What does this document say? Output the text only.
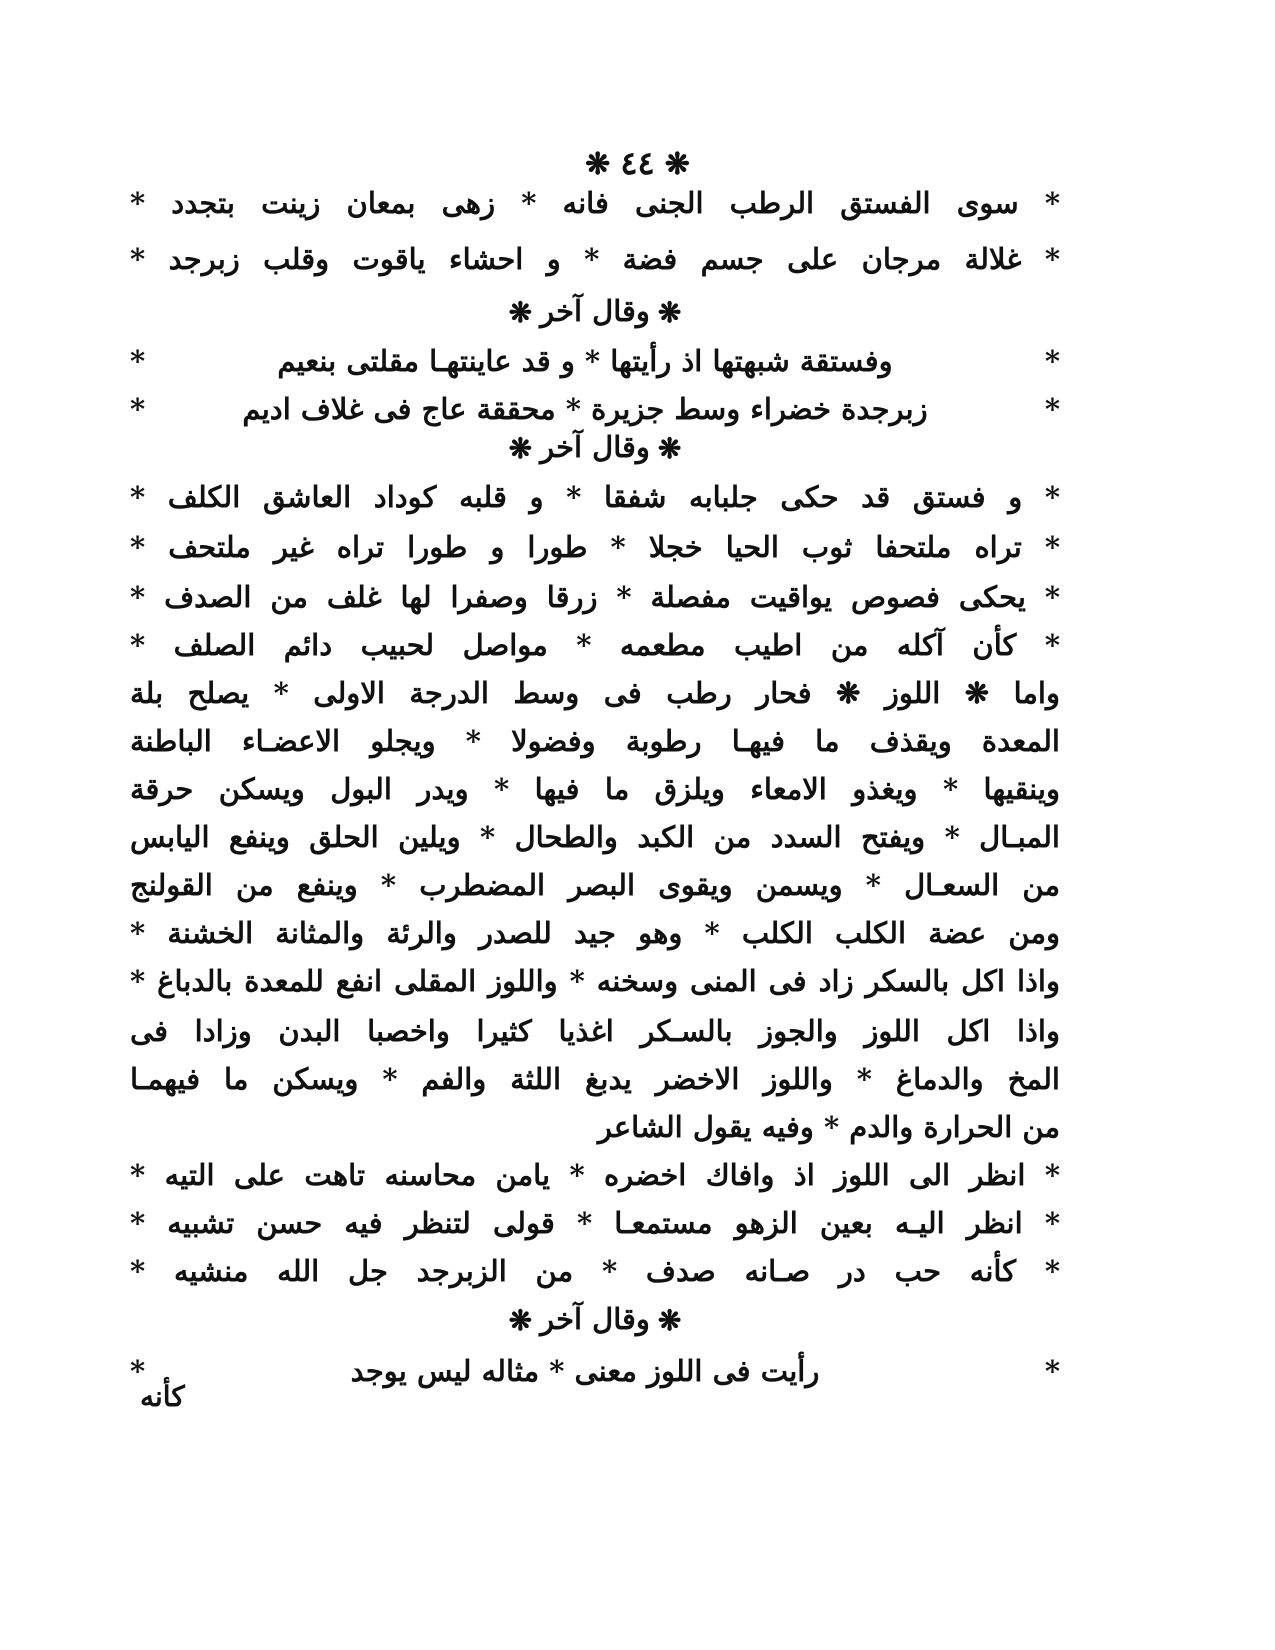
❋٤٤❋
* سوى الفستق الرطب الجنى فانه * زهى بمعان زينت بتجدد *
* غلالة مرجان على جسم فضة * و احشاء ياقوت وقلب زبرجد *
❋وقال آخر❋
*
وفستقة شبهتها اذ رأيتها * و قد عاينتهـا مقلتى بنعيم
*
*
زبرجدة خضراء وسط جزيرة * محققة عاج فى غلاف اديم
*
❋وقال آخر❋
* و فستق قد حكى جلبابه شفقا * و قلبه كوداد العاشق الكلف *
* تراه ملتحفا ثوب الحيا خجلا * طورا و طورا تراه غير ملتحف *
* يحكى فصوص يواقيت مفصلة * زرقا وصفرا لها غلف من الصدف *
* كأن آكله من اطيب مطعمه * مواصل لحبيب دائم الصلف *
واما ❋ اللوز ❋ فحار رطب فى وسط الدرجة الاولى * يصلح بلة
المعدة ويقذف ما فيهـا رطوبة وفضولا * ويجلو الاعضـاء الباطنة
وينقيها * ويغذو الامعاء ويلزق ما فيها * ويدر البول ويسكن حرقة
المبـال * ويفتح السدد من الكبد والطحال * ويلين الحلق وينفع اليابس
من السعـال * ويسمن ويقوى البصر المضطرب * وينفع من القولنج
ومن عضة الكلب الكلب * وهو جيد للصدر والرئة والمثانة الخشنة *
واذا اكل بالسكر زاد فى المنى وسخنه * واللوز المقلى انفع للمعدة بالدباغ *
واذا اكل اللوز والجوز بالسـكر اغذيا كثيرا واخصبا البدن وزادا فى
المخ والدماغ * واللوز الاخضر يدبغ اللثة والفم * ويسكن ما فيهمـا
من الحرارة والدم * وفيه يقول الشاعر
* انظر الى اللوز اذ وافاك اخضره * يامن محاسنه تاهت على التيه *
* انظر اليـه بعين الزهو مستمعـا * قولى لتنظر فيه حسن تشبيه *
* كأنه حب در صـانه صدف * من الزبرجد جل الله منشيه *
❋وقال آخر❋
*
رأيت فى اللوز معنى * مثاله ليس يوجد
*
كأنه
